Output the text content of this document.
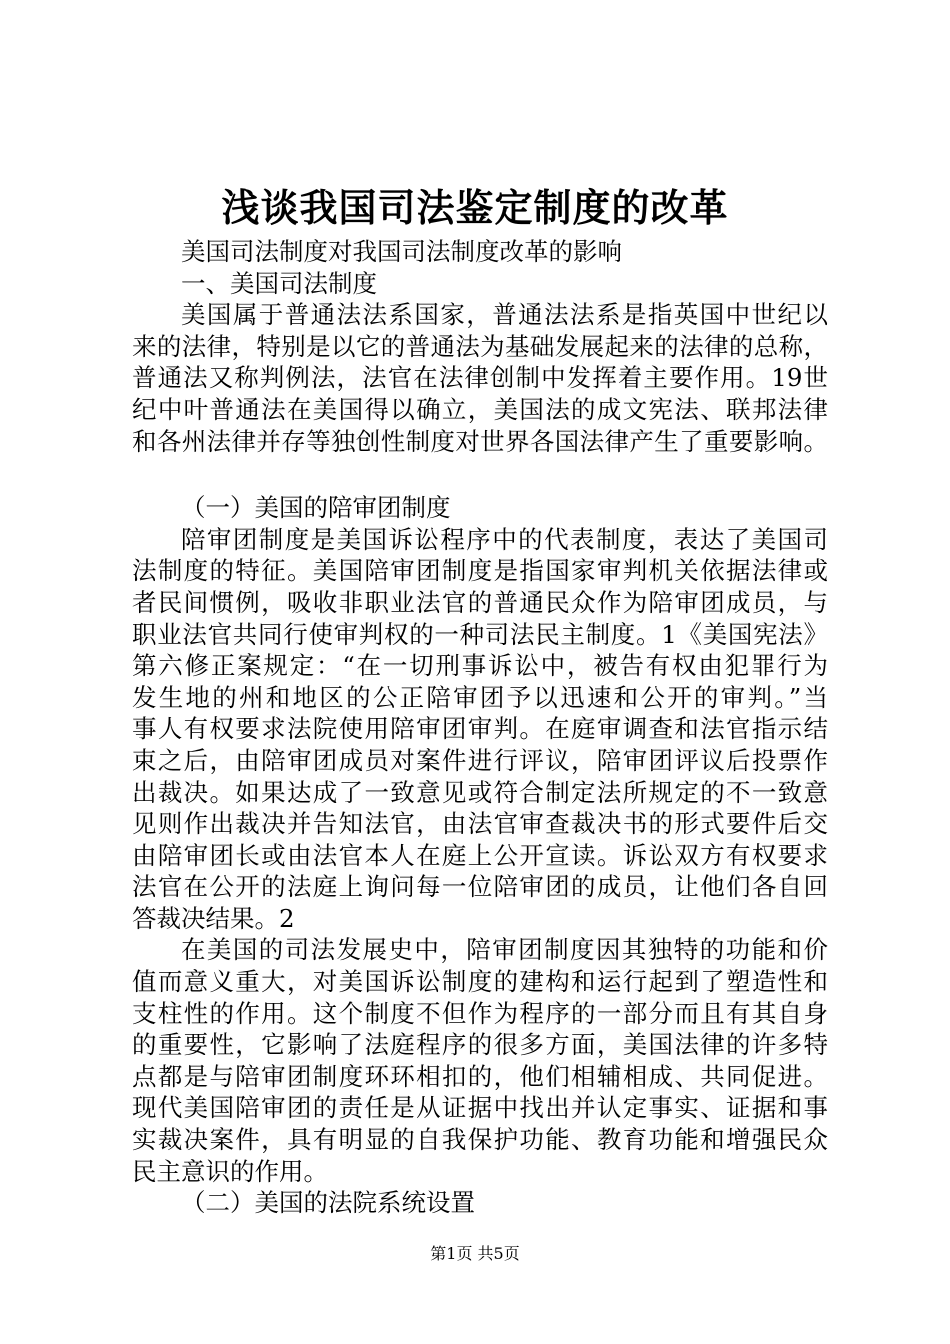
浅谈我国司法鉴定制度的改革
美国司法制度对我国司法制度改革的影响
一、美国司法制度
美国属于普通法法系国家，普通法法系是指英国中世纪以
来的法律，特别是以它的普通法为基础发展起来的法律的总称，
普通法又称判例法，法官在法律创制中发挥着主要作用。19世
纪中叶普通法在美国得以确立，美国法的成文宪法、联邦法律
和各州法律并存等独创性制度对世界各国法律产生了重要影响。
（一）美国的陪审团制度
陪审团制度是美国诉讼程序中的代表制度，表达了美国司
法制度的特征。美国陪审团制度是指国家审判机关依据法律或
者民间惯例，吸收非职业法官的普通民众作为陪审团成员，与
职业法官共同行使审判权的一种司法民主制度。1《美国宪法》
第六修正案规定：“在一切刑事诉讼中，被告有权由犯罪行为
发生地的州和地区的公正陪审团予以迅速和公开的审判。”当
事人有权要求法院使用陪审团审判。在庭审调查和法官指示结
束之后，由陪审团成员对案件进行评议，陪审团评议后投票作
出裁决。如果达成了一致意见或符合制定法所规定的不一致意
见则作出裁决并告知法官，由法官审查裁决书的形式要件后交
由陪审团长或由法官本人在庭上公开宣读。诉讼双方有权要求
法官在公开的法庭上询问每一位陪审团的成员，让他们各自回
答裁决结果。2
在美国的司法发展史中，陪审团制度因其独特的功能和价
值而意义重大，对美国诉讼制度的建构和运行起到了塑造性和
支柱性的作用。这个制度不但作为程序的一部分而且有其自身
的重要性，它影响了法庭程序的很多方面，美国法律的许多特
点都是与陪审团制度环环相扣的，他们相辅相成、共同促进。
现代美国陪审团的责任是从证据中找出并认定事实、证据和事
实裁决案件，具有明显的自我保护功能、教育功能和增强民众
民主意识的作用。
（二）美国的法院系统设置
第1页 共5页
